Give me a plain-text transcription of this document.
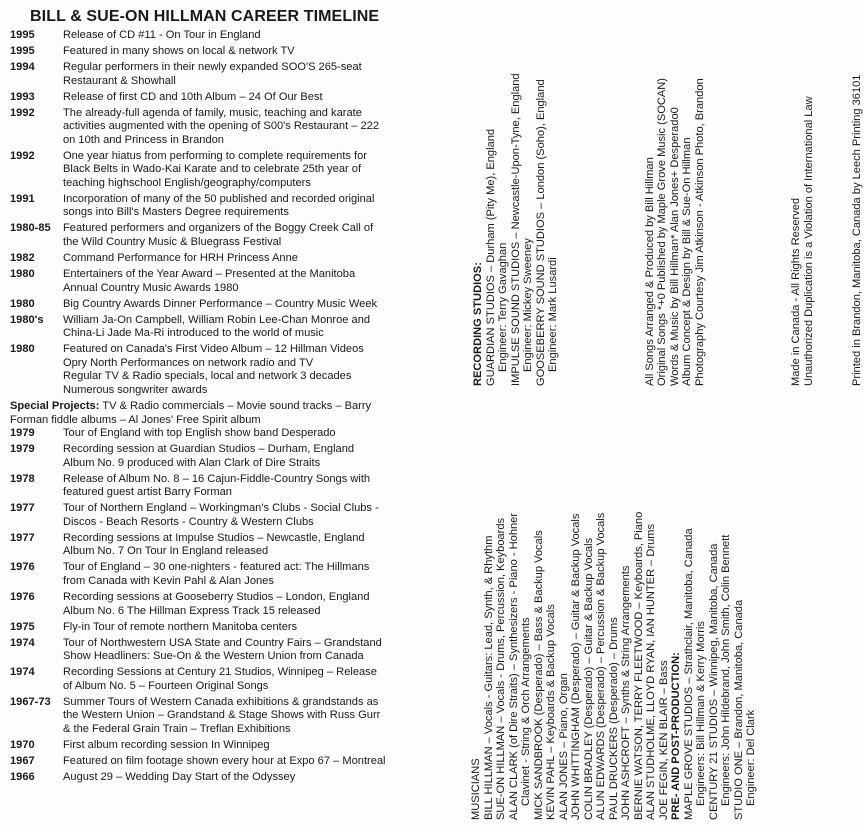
BILL & SUE-ON HILLMAN CAREER TIMELINE
1995	Release of CD #11 - On Tour in England
1995	Featured in many shows on local & network TV
1994	Regular performers in their newly expanded SOO'S 265-seat
Restaurant & Showhall
1993	Release of first CD and 10th Album – 24 Of Our Best
1992	The already-full agenda of family, music, teaching and karate
activities augmented with the opening of S00's Restaurant – 222
on 10th and Princess in Brandon
1992	One year hiatus from performing to complete requirements for
Black Belts in Wado-Kai Karate and to celebrate 25th year of
teaching highschool English/geography/computers
1991	Incorporation of many of the 50 published and recorded original
songs into Bill's Masters Degree requirements
1980-85	Featured performers and organizers of the Boggy Creek Call of
the Wild Country Music & Bluegrass Festival
1982	Command Performance for HRH Princess Anne
1980	Entertainers of the Year Award – Presented at the Manitoba
Annual Country Music Awards 1980
1980	Big Country Awards Dinner Performance – Country Music Week
1980's	William Ja-On Campbell, William Robin Lee-Chan Monroe and
China-Li Jade Ma-Ri introduced to the world of music
1980	Featured on Canada's First Video Album – 12 Hillman Videos
Opry North Performances on network radio and TV
Regular TV & Radio specials, local and network 3 decades
Numerous songwriter awards
Special Projects: TV & Radio commercials – Movie sound tracks – Barry
Forman fiddle albums – Al Jones' Free Spirit album
1979	Tour of England with top English show band Desperado
1979	Recording session at Guardian Studios – Durham, England
Album No. 9 produced with Alan Clark of Dire Straits
1978	Release of Album No. 8 – 16 Cajun-Fiddle-Country Songs with
featured guest artist Barry Forman
1977	Tour of Northern England – Workingman's Clubs - Social Clubs -
Discos - Beach Resorts - Country & Western Clubs
1977	Recording sessions at Impulse Studios – Newcastle, England
Album No. 7 On Tour In England released
1976	Tour of England – 30 one-nighters - featured act: The Hillmans
from Canada with Kevin Pahl & Alan Jones
1976	Recording sessions at Gooseberry Studios – London, England
Album No. 6 The Hillman Express Track 15 released
1975	Fly-in Tour of remote northern Manitoba centers
1974	Tour of Northwestern USA State and Country Fairs – Grandstand
Show Headliners: Sue-On & the Western Union from Canada
1974	Recording Sessions at Century 21 Studios, Winnipeg – Release
of Album No. 5 – Fourteen Original Songs
1967-73	Summer Tours of Western Canada exhibitions & grandstands as
the Western Union – Grandstand & Stage Shows with Russ Gurr
& the Federal Grain Train – Treflan Exhibitions
1970	First album recording session In Winnipeg
1967	Featured on film footage shown every hour at Expo 67 – Montreal
1966	August 29 – Wedding Day Start of the Odyssey
RECORDING STUDIOS: GUARDIAN STUDIOS – Durham (Pity Me), England Engineer: Terry Gavaghan IMPULSE SOUND STUDIOS – Newcastle-Upon-Tyne, England Engineer: Mickey Sweeney GOOSEBERRY SOUND STUDIOS – London (Soho), England Engineer: Mark Lusardi	All Songs Arranged & Produced by Bill Hillman Original Songs *+0 Published by Maple Grove Music (SOCAN) Words & Music by Bill Hillman* Alan Jones+ Desperado0 Album Concept & Design by Bill & Sue-On Hillman Photography Courtesy Jim Atkinson - Atkinson Photo, Brandon	Made in Canada - All Rights Reserved Unauthorized Duplication is a Violation of International Law	Printed in Brandon, Manitoba, Canada by Leech Printing 36101
MUSICIANS BILL HILLMAN – Vocals - Guitars: Lead, Synth, & Rhythm SUE-ON HILLMAN – Vocals - Drums, Percussion, Keyboards ALAN CLARK (of Dire Straits) – Synthesizers - Piano - Hohner Clavinet - String & Orch Arrangements MICK SANDBROOK (Desperado) – Bass & Backup Vocals KEVIN PAHL – Keyboards & Backup Vocals ALAN JONES – Piano, Organ JOHN WHITTINGHAM (Desperado) – Guitar & Backup Vocals COLIN BRADLEY (Desperado) – Guitar & Backup Vocals ALUN EDWARDS (Desperado) – Percussion & Backup Vocals PAUL DRUCKERS (Desperado) – Drums JOHN ASHCROFT – Synths & String Arrangements BERNIE WATSON, TERRY FLEETWOOD – Keyboards, Piano ALAN STUDHOLME, LLOYD RYAN, IAN HUNTER – Drums JOE FEGIN, KEN BLAIR – Bass PRE- AND POST-PRODUCTION: MAPLE GROVE STUDIOS – Strathclair, Manitoba, Canada Engineers: Bill Hillman & Kerry Morris CENTURY 21 STUDIOS – Winnipeg, Manitoba, Canada Engineers: John Hildebrand, John Smith, Colin Bennett STUDIO ONE – Brandon, Manitoba, Canada Engineer: Del Clark
